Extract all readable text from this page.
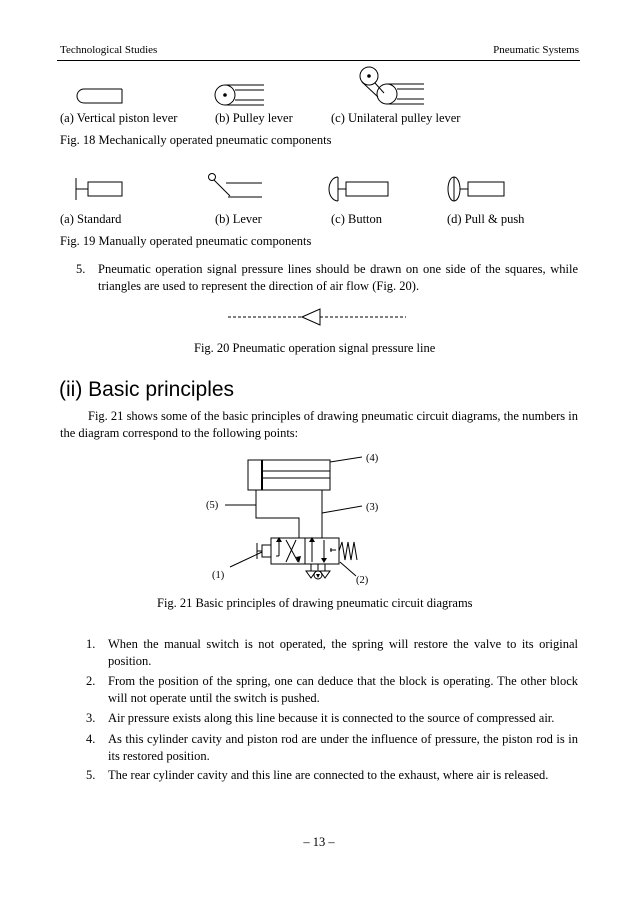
Technological Studies	Pneumatic Systems
(a) Vertical piston lever	(b) Pulley lever	(c) Unilateral pulley lever
Fig. 18 Mechanically operated pneumatic components
(a) Standard	(b) Lever	(c) Button	(d) Pull & push
Fig. 19 Manually operated pneumatic components
5. Pneumatic operation signal pressure lines should be drawn on one side of the squares, while triangles are used to represent the direction of air flow (Fig. 20).
Fig. 20 Pneumatic operation signal pressure line
(ii) Basic principles
Fig. 21 shows some of the basic principles of drawing pneumatic circuit diagrams, the numbers in the diagram correspond to the following points:
(4)
(3)
(5)
(1)	(2)
Fig. 21 Basic principles of drawing pneumatic circuit diagrams
1. When the manual switch is not operated, the spring will restore the valve to its original position.
2. From the position of the spring, one can deduce that the block is operating. The other block will not operate until the switch is pushed.
3. Air pressure exists along this line because it is connected to the source of compressed air.
4. As this cylinder cavity and piston rod are under the influence of pressure, the piston rod is in its restored position.
5. The rear cylinder cavity and this line are connected to the exhaust, where air is released.
– 13 –
